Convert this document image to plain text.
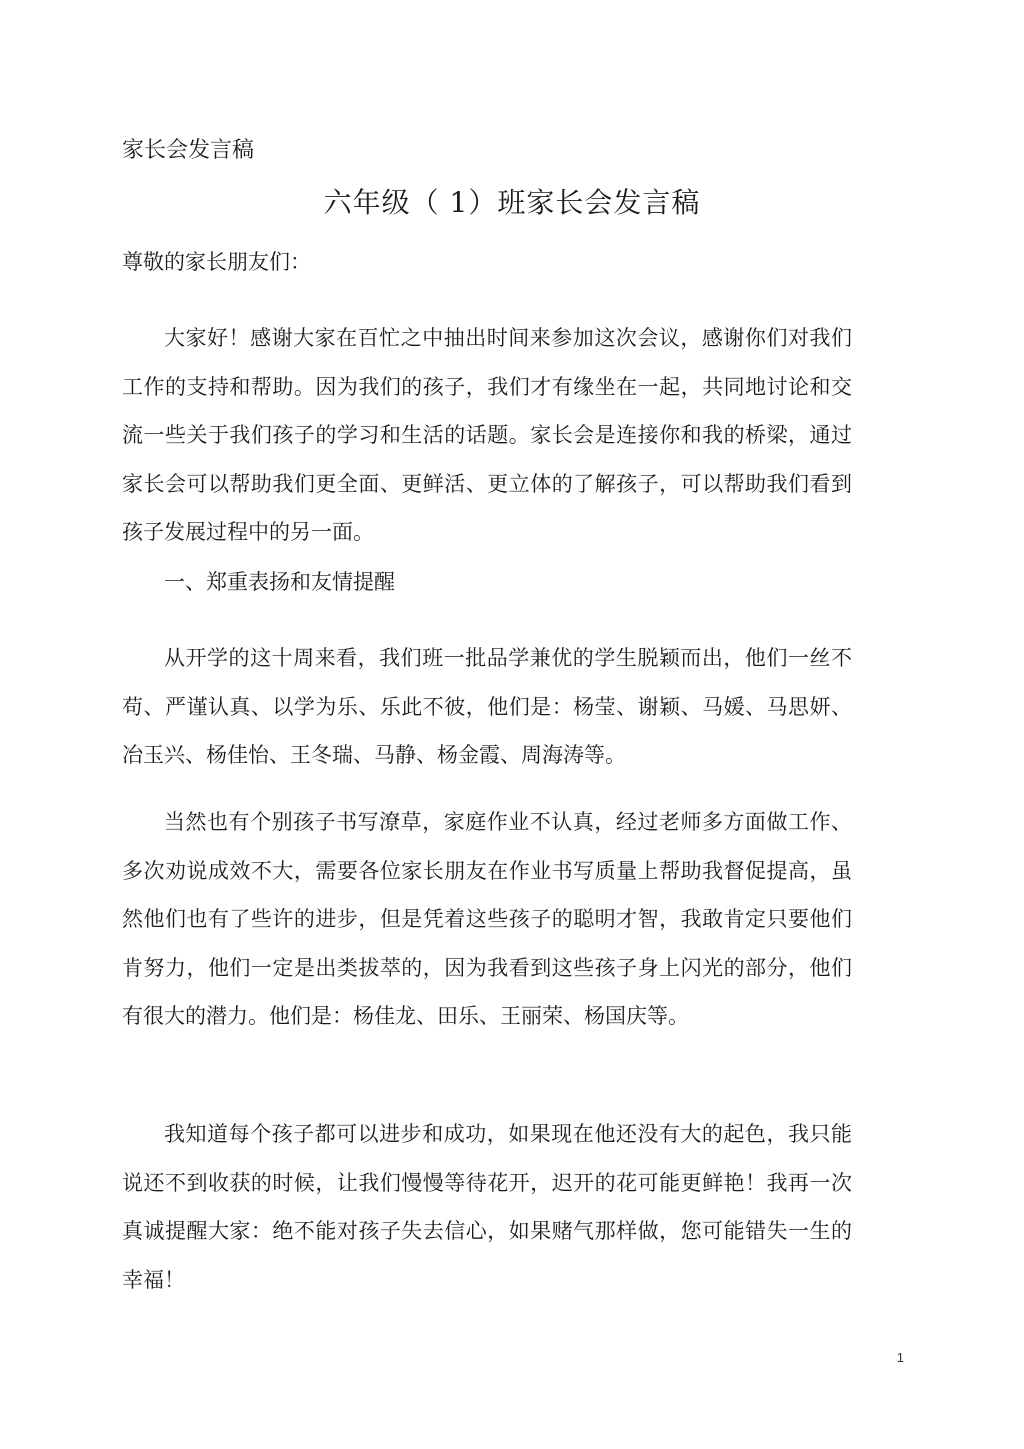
家长会发言稿

六年级（ 1）班家长会发言稿

尊敬的家长朋友们：

大家好！感谢大家在百忙之中抽出时间来参加这次会议，感谢你们对我们工作的支持和帮助。因为我们的孩子，我们才有缘坐在一起，共同地讨论和交流一些关于我们孩子的学习和生活的话题。家长会是连接你和我的桥梁，通过家长会可以帮助我们更全面、更鲜活、更立体的了解孩子，可以帮助我们看到孩子发展过程中的另一面。

一、郑重表扬和友情提醒

从开学的这十周来看，我们班一批品学兼优的学生脱颖而出，他们一丝不苟、严谨认真、以学为乐、乐此不彼，他们是：杨莹、谢颖、马媛、马思妍、冶玉兴、杨佳怡、王冬瑞、马静、杨金霞、周海涛等。

当然也有个别孩子书写潦草，家庭作业不认真，经过老师多方面做工作、多次劝说成效不大，需要各位家长朋友在作业书写质量上帮助我督促提高，虽然他们也有了些许的进步，但是凭着这些孩子的聪明才智，我敢肯定只要他们肯努力，他们一定是出类拔萃的，因为我看到这些孩子身上闪光的部分，他们有很大的潜力。他们是：杨佳龙、田乐、王丽荣、杨国庆等。

我知道每个孩子都可以进步和成功，如果现在他还没有大的起色，我只能说还不到收获的时候，让我们慢慢等待花开，迟开的花可能更鲜艳！我再一次真诚提醒大家：绝不能对孩子失去信心，如果赌气那样做，您可能错失一生的幸福！

1
